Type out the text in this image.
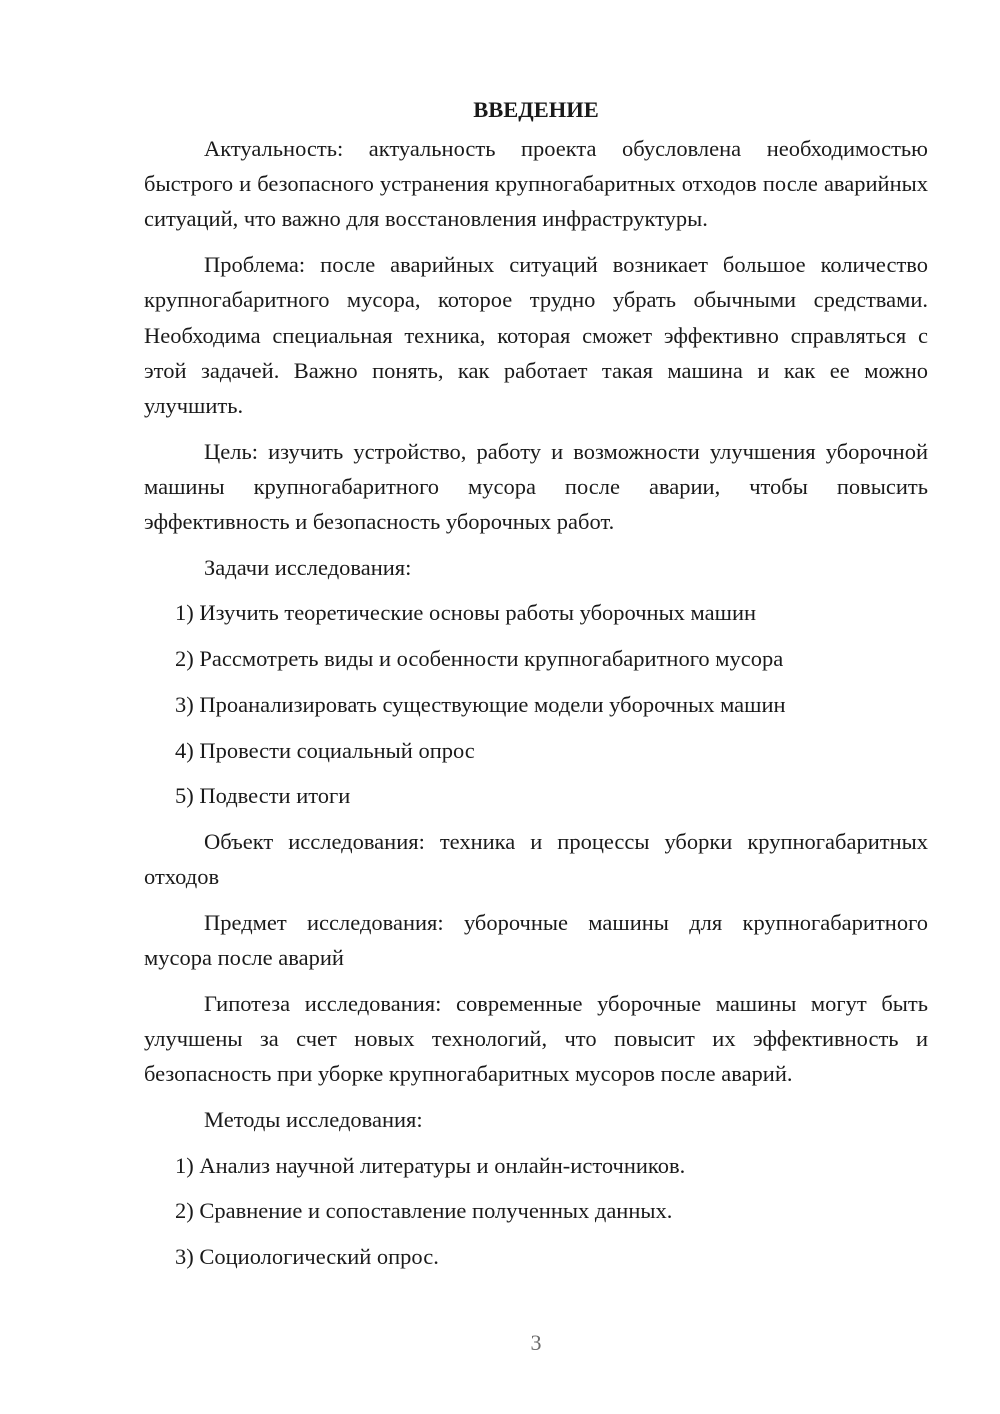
ВВЕДЕНИЕ

Актуальность: актуальность проекта обусловлена необходимостью быстрого и безопасного устранения крупногабаритных отходов после аварийных ситуаций, что важно для восстановления инфраструктуры.

Проблема: после аварийных ситуаций возникает большое количество крупногабаритного мусора, которое трудно убрать обычными средствами. Необходима специальная техника, которая сможет эффективно справляться с этой задачей. Важно понять, как работает такая машина и как ее можно улучшить.

Цель: изучить устройство, работу и возможности улучшения уборочной машины крупногабаритного мусора после аварии, чтобы повысить эффективность и безопасность уборочных работ.

Задачи исследования:

1) Изучить теоретические основы работы уборочных машин

2) Рассмотреть виды и особенности крупногабаритного мусора

3) Проанализировать существующие модели уборочных машин

4) Провести социальный опрос

5) Подвести итоги

Объект исследования: техника и процессы уборки крупногабаритных отходов

Предмет исследования: уборочные машины для крупногабаритного мусора после аварий

Гипотеза исследования: современные уборочные машины могут быть улучшены за счет новых технологий, что повысит их эффективность и безопасность при уборке крупногабаритных мусоров после аварий.

Методы исследования:

1) Анализ научной литературы и онлайн-источников.

2) Сравнение и сопоставление полученных данных.

3) Социологический опрос.

3
